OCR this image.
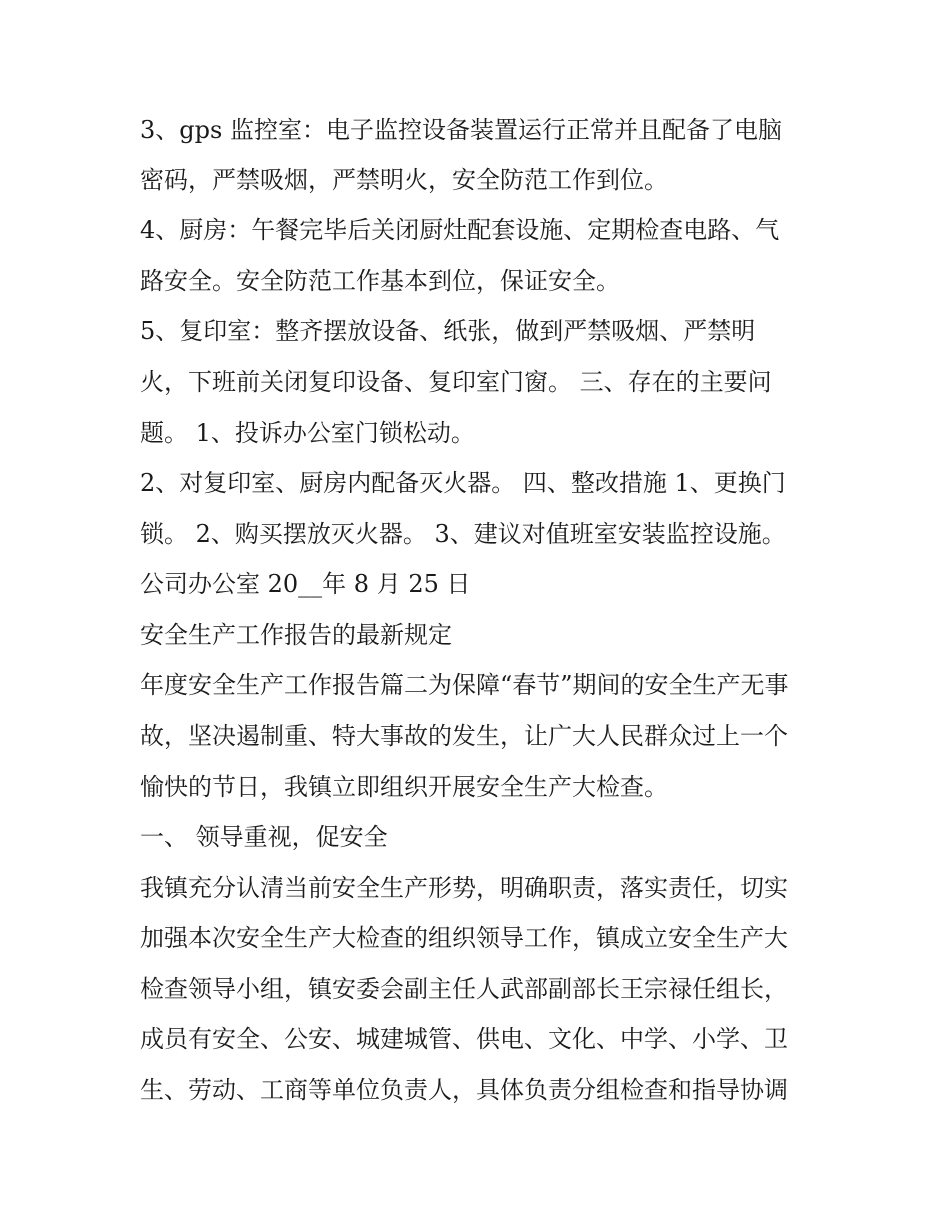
3、gps 监控室：电子监控设备装置运行正常并且配备了电脑
密码，严禁吸烟，严禁明火，安全防范工作到位。
4、厨房：午餐完毕后关闭厨灶配套设施、定期检查电路、气
路安全。安全防范工作基本到位，保证安全。
5、复印室：整齐摆放设备、纸张，做到严禁吸烟、严禁明
火，下班前关闭复印设备、复印室门窗。 三、存在的主要问
题。 1、投诉办公室门锁松动。
2、对复印室、厨房内配备灭火器。 四、整改措施 1、更换门
锁。 2、购买摆放灭火器。 3、建议对值班室安装监控设施。
公司办公室 20__年 8 月 25 日
安全生产工作报告的最新规定
年度安全生产工作报告篇二为保障“春节”期间的安全生产无事
故，坚决遏制重、特大事故的发生，让广大人民群众过上一个
愉快的节日，我镇立即组织开展安全生产大检查。
一、 领导重视，促安全
我镇充分认清当前安全生产形势，明确职责，落实责任，切实
加强本次安全生产大检查的组织领导工作，镇成立安全生产大
检查领导小组，镇安委会副主任人武部副部长王宗禄任组长，
成员有安全、公安、城建城管、供电、文化、中学、小学、卫
生、劳动、工商等单位负责人，具体负责分组检查和指导协调
